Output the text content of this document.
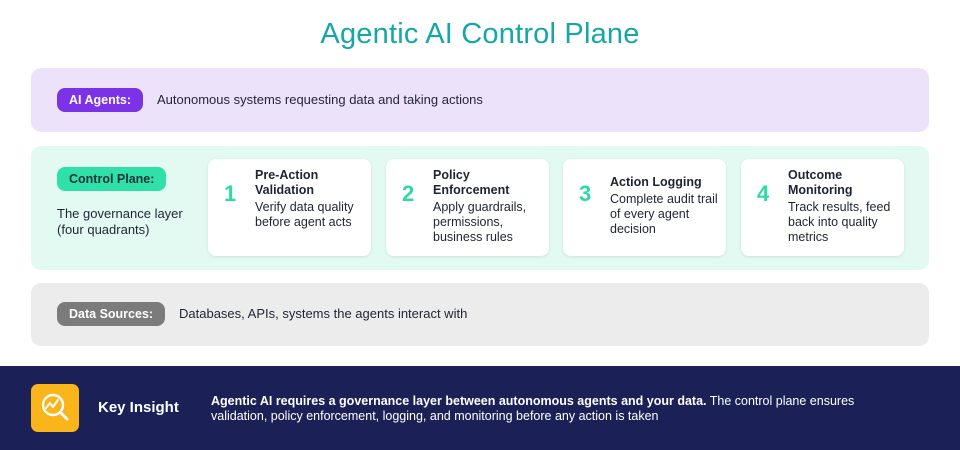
Agentic AI Control Plane
AI Agents:	Autonomous systems requesting data and taking actions
Control Plane:
The governance layer (four quadrants)
1
Pre-Action Validation
Verify data quality before agent acts
2
Policy Enforcement
Apply guardrails, permissions, business rules
3 Action Logging
Complete audit trail of every agent decision
4
Outcome Monitoring
Track results, feed back into quality metrics
Data Sources:	Databases, APIs, systems the agents interact with
Key Insight	Agentic AI requires a governance layer between autonomous agents and your data. The control plane ensures validation, policy enforcement, logging, and monitoring before any action is taken
